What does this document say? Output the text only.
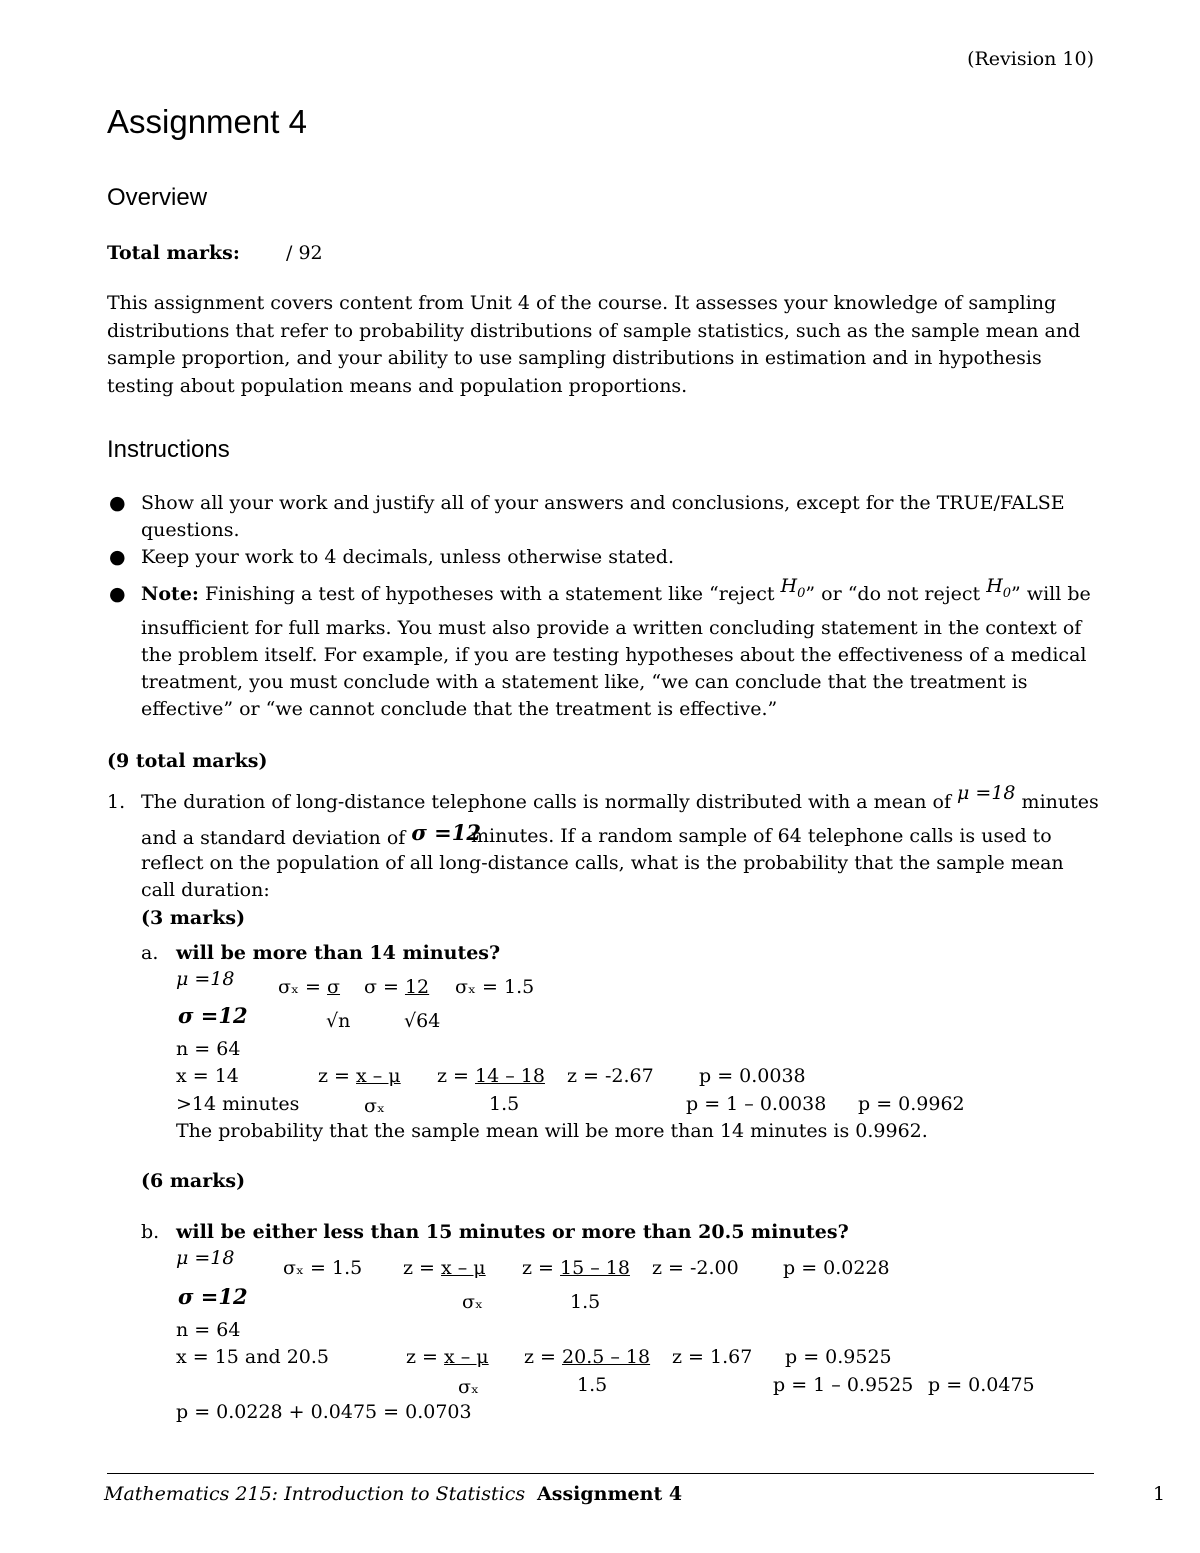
(Revision 10)
Assignment 4
Overview
Total marks: / 92
This assignment covers content from Unit 4 of the course. It assesses your knowledge of sampling distributions that refer to probability distributions of sample statistics, such as the sample mean and sample proportion, and your ability to use sampling distributions in estimation and in hypothesis testing about population means and population proportions.
Instructions
● Show all your work and justify all of your answers and conclusions, except for the TRUE/FALSE questions.
● Keep your work to 4 decimals, unless otherwise stated.
● Note: Finishing a test of hypotheses with a statement like “reject $H_0$” or “do not reject $H_0$” will be insufficient for full marks. You must also provide a written concluding statement in the context of the problem itself. For example, if you are testing hypotheses about the effectiveness of a medical treatment, you must conclude with a statement like, “we can conclude that the treatment is effective” or “we cannot conclude that the treatment is effective.”
(9 total marks)
1. The duration of long-distance telephone calls is normally distributed with a mean of μ =18 minutes
and a standard deviation of σ =12
minutes. If a random sample of 64 telephone calls is used to reflect on the population of all long-distance calls, what is the probability that the sample mean call duration:
(3 marks)
a. will be more than 14 minutes?
μ =18 σₓ = σ σ = 12 σₓ = 1.5
σ =12	√n	√64
n = 64
x = 14	z = x – μ z = 14 – 18 z = -2.67 p = 0.0038
>14 minutes	σₓ	1.5	p = 1 – 0.0038 p = 0.9962
The probability that the sample mean will be more than 14 minutes is 0.9962.
(6 marks)
b. will be either less than 15 minutes or more than 20.5 minutes?
μ =18	σₓ = 1.5 z = x – μ z = 15 – 18 z = -2.00 p = 0.0228
σ =12	σₓ	1.5
n = 64
x = 15 and 20.5	z = x – μ z = 20.5 – 18 z = 1.67 p = 0.9525
σₓ	1.5	p = 1 – 0.9525 p = 0.0475
p = 0.0228 + 0.0475 = 0.0703
Mathematics 215: Introduction to Statistics Assignment 4	1
